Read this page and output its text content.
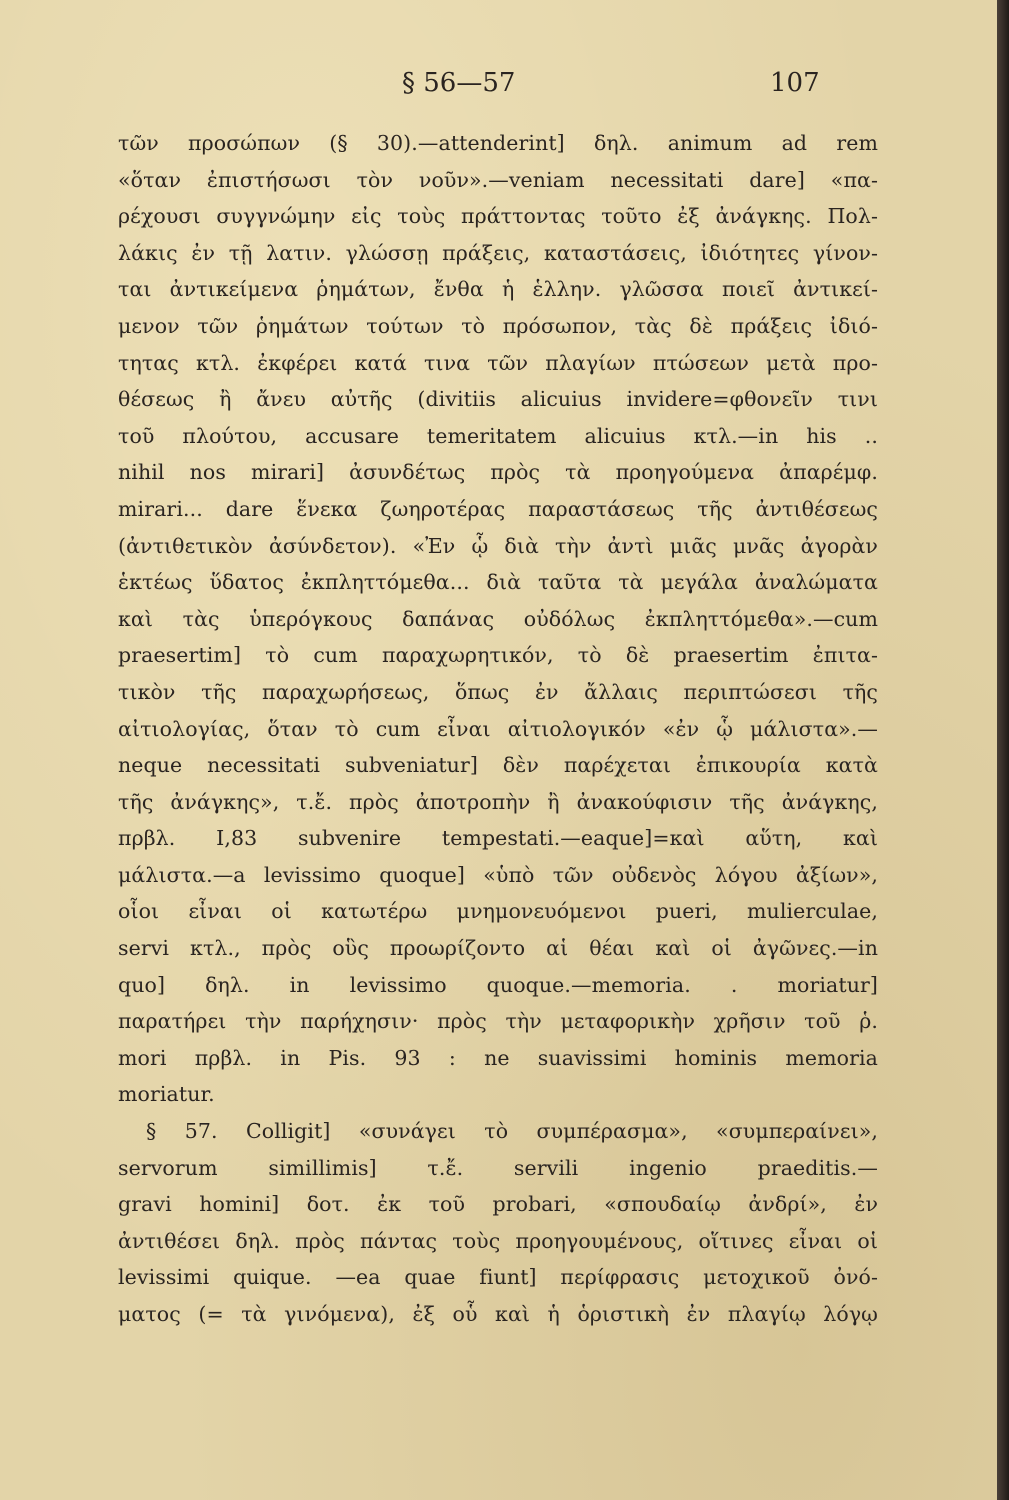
§ 56—57	107
τῶν προσώπων (§ 30).—attenderint] δηλ. animum ad rem
«ὅταν ἐπιστήσωσι τὸν νοῦν».—veniam necessitati dare] «πα-
ρέχουσι συγγνώμην εἰς τοὺς πράττοντας τοῦτο ἐξ ἀνάγκης. Πολ-
λάκις ἐν τῇ λατιν. γλώσσῃ πράξεις, καταστάσεις, ἰδιότητες γίνον-
ται ἀντικείμενα ῥημάτων, ἔνθα ἡ ἑλλην. γλῶσσα ποιεῖ ἀντικεί-
μενον τῶν ῥημάτων τούτων τὸ πρόσωπον, τὰς δὲ πράξεις ἰδιό-
τητας κτλ. ἐκφέρει κατά τινα τῶν πλαγίων πτώσεων μετὰ προ-
θέσεως ἢ ἄνευ αὐτῆς (divitiis alicuius invidere=φθονεῖν τινι
τοῦ πλούτου, accusare temeritatem alicuius κτλ.—in his ..
nihil nos mirari] ἀσυνδέτως πρὸς τὰ προηγούμενα ἀπαρέμφ.
mirari... dare ἕνεκα ζωηροτέρας παραστάσεως τῆς ἀντιθέσεως
(ἀντιθετικὸν ἀσύνδετον). «Ἐν ᾧ διὰ τὴν ἀντὶ μιᾶς μνᾶς ἀγορὰν
ἑκτέως ὕδατος ἐκπληττόμεθα... διὰ ταῦτα τὰ μεγάλα ἀναλώματα
καὶ τὰς ὑπερόγκους δαπάνας οὐδόλως ἐκπληττόμεθα».—cum
praesertim] τὸ cum παραχωρητικόν, τὸ δὲ praesertim ἐπιτα-
τικὸν τῆς παραχωρήσεως, ὅπως ἐν ἄλλαις περιπτώσεσι τῆς
αἰτιολογίας, ὅταν τὸ cum εἶναι αἰτιολογικόν «ἐν ᾧ μάλιστα».—
neque necessitati subveniatur] δὲν παρέχεται ἐπικουρία κατὰ
τῆς ἀνάγκης», τ.ἔ. πρὸς ἀποτροπὴν ἢ ἀνακούφισιν τῆς ἀνάγκης,
πρβλ. I,83 subvenire tempestati.—eaque]=καὶ αὕτη, καὶ
μάλιστα.—a levissimo quoque] «ὑπὸ τῶν οὐδενὸς λόγου ἀξίων»,
οἷοι εἶναι οἱ κατωτέρω μνημονευόμενοι pueri, mulierculae,
servi κτλ., πρὸς οὓς προωρίζοντο αἱ θέαι καὶ οἱ ἀγῶνες.—in
quo] δηλ. in levissimo quoque.—memoria. . moriatur]
παρατήρει τὴν παρήχησιν· πρὸς τὴν μεταφορικὴν χρῆσιν τοῦ ῥ.
mori πρβλ. in Pis. 93 : ne suavissimi hominis memoria
moriatur.
§ 57. Colligit] «συνάγει τὸ συμπέρασμα», «συμπεραίνει»,
servorum simillimis] τ.ἔ. servili ingenio praeditis.—
gravi homini] δοτ. ἐκ τοῦ probari, «σπουδαίῳ ἀνδρί», ἐν
ἀντιθέσει δηλ. πρὸς πάντας τοὺς προηγουμένους, οἵτινες εἶναι οἱ
levissimi quique. —ea quae fiunt] περίφρασις μετοχικοῦ ὀνό-
ματος (= τὰ γινόμενα), ἐξ οὗ καὶ ἡ ὁριστικὴ ἐν πλαγίῳ λόγῳ
